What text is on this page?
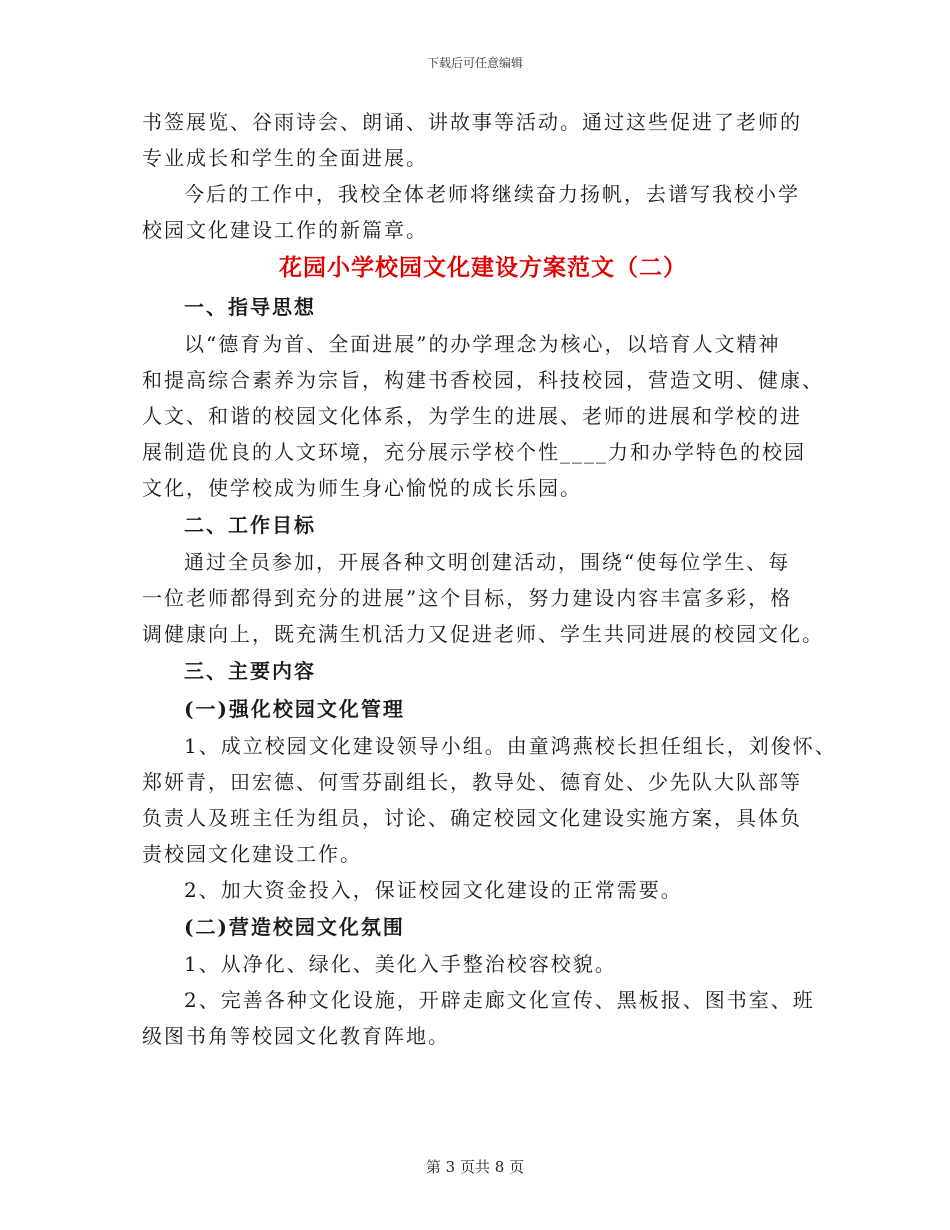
下载后可任意编辑
书签展览、谷雨诗会、朗诵、讲故事等活动。通过这些促进了老师的
专业成长和学生的全面进展。
今后的工作中，我校全体老师将继续奋力扬帆，去谱写我校小学
校园文化建设工作的新篇章。
花园小学校园文化建设方案范文（二）
一、指导思想
以“德育为首、全面进展”的办学理念为核心，以培育人文精神
和提高综合素养为宗旨，构建书香校园，科技校园，营造文明、健康、
人文、和谐的校园文化体系，为学生的进展、老师的进展和学校的进
展制造优良的人文环境，充分展示学校个性____力和办学特色的校园
文化，使学校成为师生身心愉悦的成长乐园。
二、工作目标
通过全员参加，开展各种文明创建活动，围绕“使每位学生、每
一位老师都得到充分的进展”这个目标，努力建设内容丰富多彩，格
调健康向上，既充满生机活力又促进老师、学生共同进展的校园文化。
三、主要内容
(一)强化校园文化管理
1、成立校园文化建设领导小组。由童鸿燕校长担任组长，刘俊怀、
郑妍青，田宏德、何雪芬副组长，教导处、德育处、少先队大队部等
负责人及班主任为组员，讨论、确定校园文化建设实施方案，具体负
责校园文化建设工作。
2、加大资金投入，保证校园文化建设的正常需要。
(二)营造校园文化氛围
1、从净化、绿化、美化入手整治校容校貌。
2、完善各种文化设施，开辟走廊文化宣传、黑板报、图书室、班
级图书角等校园文化教育阵地。
第 3 页共 8 页
